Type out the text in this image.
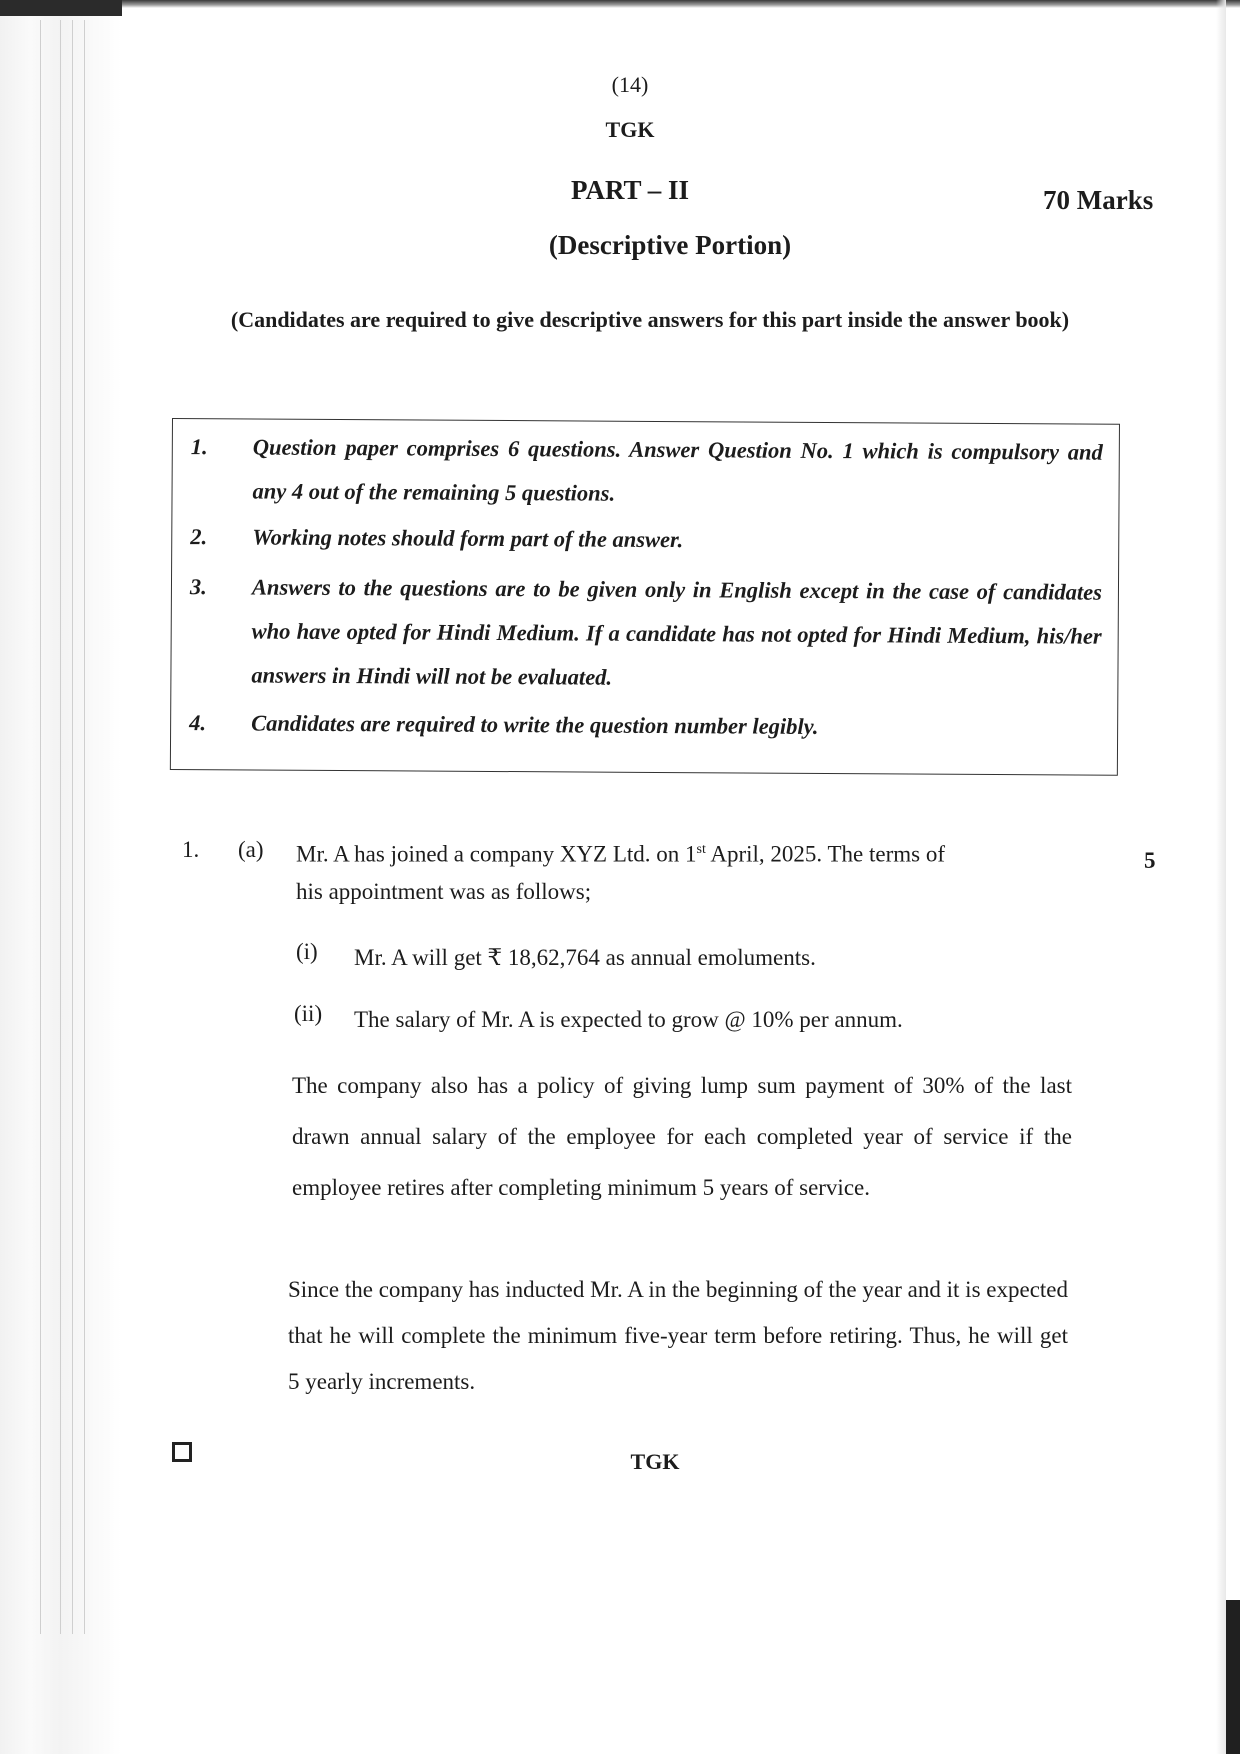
(14)
TGK
PART – II	70 Marks
(Descriptive Portion)
(Candidates are required to give descriptive answers for this part inside the answer book)
1. Question paper comprises 6 questions. Answer Question No. 1 which is compulsory and any 4 out of the remaining 5 questions.
2. Working notes should form part of the answer.
3. Answers to the questions are to be given only in English except in the case of candidates who have opted for Hindi Medium. If a candidate has not opted for Hindi Medium, his/her answers in Hindi will not be evaluated.
4. Candidates are required to write the question number legibly.
1. (a) Mr. A has joined a company XYZ Ltd. on 1st April, 2025. The terms of
his appointment was as follows;
5
(i) Mr. A will get ₹ 18,62,764 as annual emoluments.
(ii) The salary of Mr. A is expected to grow @ 10% per annum.
The company also has a policy of giving lump sum payment of 30% of the last drawn annual salary of the employee for each completed year of service if the employee retires after completing minimum 5 years of service.
Since the company has inducted Mr. A in the beginning of the year and it is expected that he will complete the minimum five-year term before retiring. Thus, he will get 5 yearly increments.
TGK
